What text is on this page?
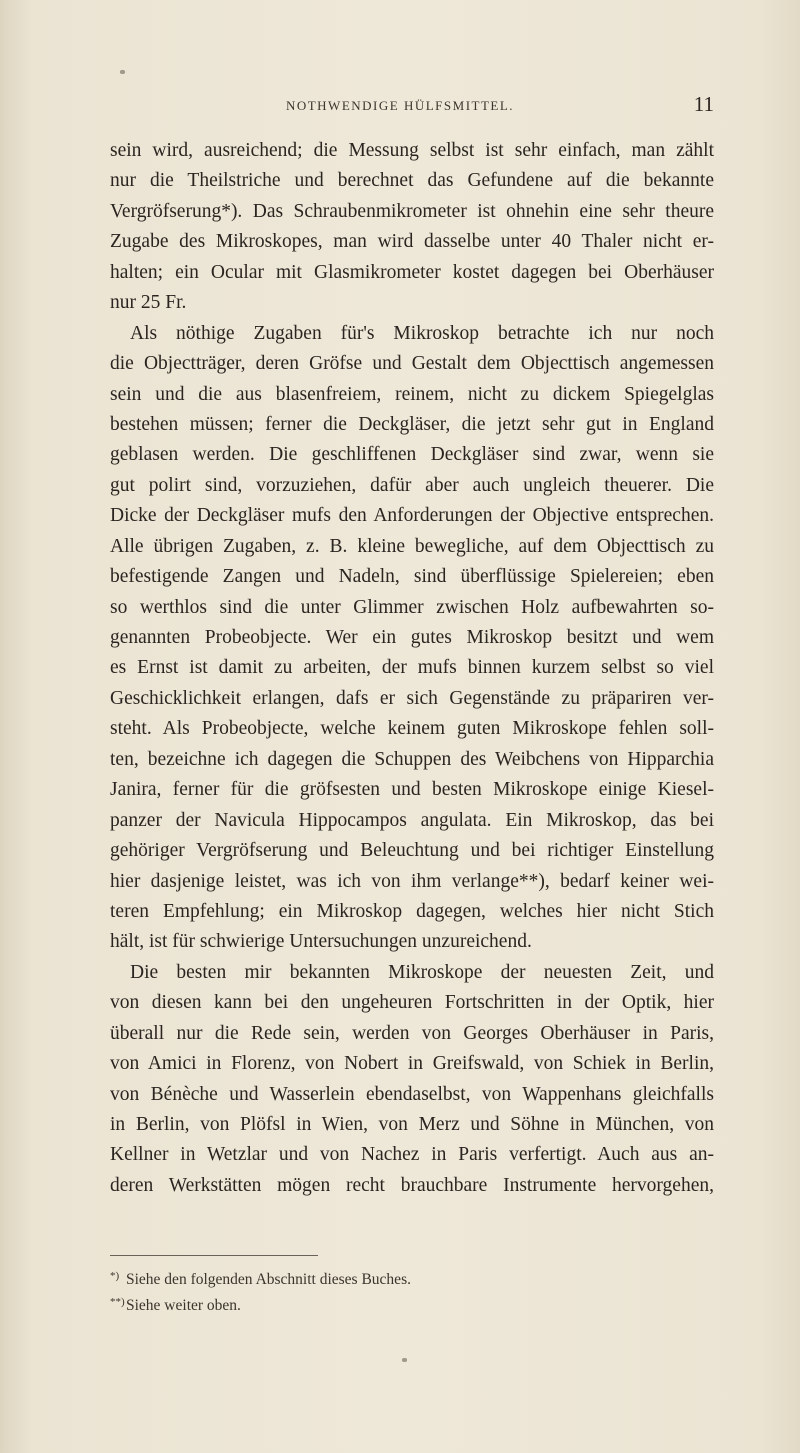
NOTHWENDIGE HÜLFSMITTEL.	11
sein wird, ausreichend; die Messung selbst ist sehr einfach, man zählt
nur die Theilstriche und berechnet das Gefundene auf die bekannte
Vergröfserung*). Das Schraubenmikrometer ist ohnehin eine sehr theure
Zugabe des Mikroskopes, man wird dasselbe unter 40 Thaler nicht er-
halten; ein Ocular mit Glasmikrometer kostet dagegen bei Oberhäuser
nur 25 Fr.
Als nöthige Zugaben für's Mikroskop betrachte ich nur noch
die Objectträger, deren Gröfse und Gestalt dem Objecttisch angemessen
sein und die aus blasenfreiem, reinem, nicht zu dickem Spiegelglas
bestehen müssen; ferner die Deckgläser, die jetzt sehr gut in England
geblasen werden. Die geschliffenen Deckgläser sind zwar, wenn sie
gut polirt sind, vorzuziehen, dafür aber auch ungleich theuerer. Die
Dicke der Deckgläser mufs den Anforderungen der Objective entsprechen.
Alle übrigen Zugaben, z. B. kleine bewegliche, auf dem Objecttisch zu
befestigende Zangen und Nadeln, sind überflüssige Spielereien; eben
so werthlos sind die unter Glimmer zwischen Holz aufbewahrten so-
genannten Probeobjecte. Wer ein gutes Mikroskop besitzt und wem
es Ernst ist damit zu arbeiten, der mufs binnen kurzem selbst so viel
Geschicklichkeit erlangen, dafs er sich Gegenstände zu präpariren ver-
steht. Als Probeobjecte, welche keinem guten Mikroskope fehlen soll-
ten, bezeichne ich dagegen die Schuppen des Weibchens von Hipparchia
Janira, ferner für die gröfsesten und besten Mikroskope einige Kiesel-
panzer der Navicula Hippocampos angulata. Ein Mikroskop, das bei
gehöriger Vergröfserung und Beleuchtung und bei richtiger Einstellung
hier dasjenige leistet, was ich von ihm verlange**), bedarf keiner wei-
teren Empfehlung; ein Mikroskop dagegen, welches hier nicht Stich
hält, ist für schwierige Untersuchungen unzureichend.
Die besten mir bekannten Mikroskope der neuesten Zeit, und
von diesen kann bei den ungeheuren Fortschritten in der Optik, hier
überall nur die Rede sein, werden von Georges Oberhäuser in Paris,
von Amici in Florenz, von Nobert in Greifswald, von Schiek in Berlin,
von Bénèche und Wasserlein ebendaselbst, von Wappenhans gleichfalls
in Berlin, von Plöfsl in Wien, von Merz und Söhne in München, von
Kellner in Wetzlar und von Nachez in Paris verfertigt. Auch aus an-
deren Werkstätten mögen recht brauchbare Instrumente hervorgehen,
*) Siehe den folgenden Abschnitt dieses Buches.
**)Siehe weiter oben.
